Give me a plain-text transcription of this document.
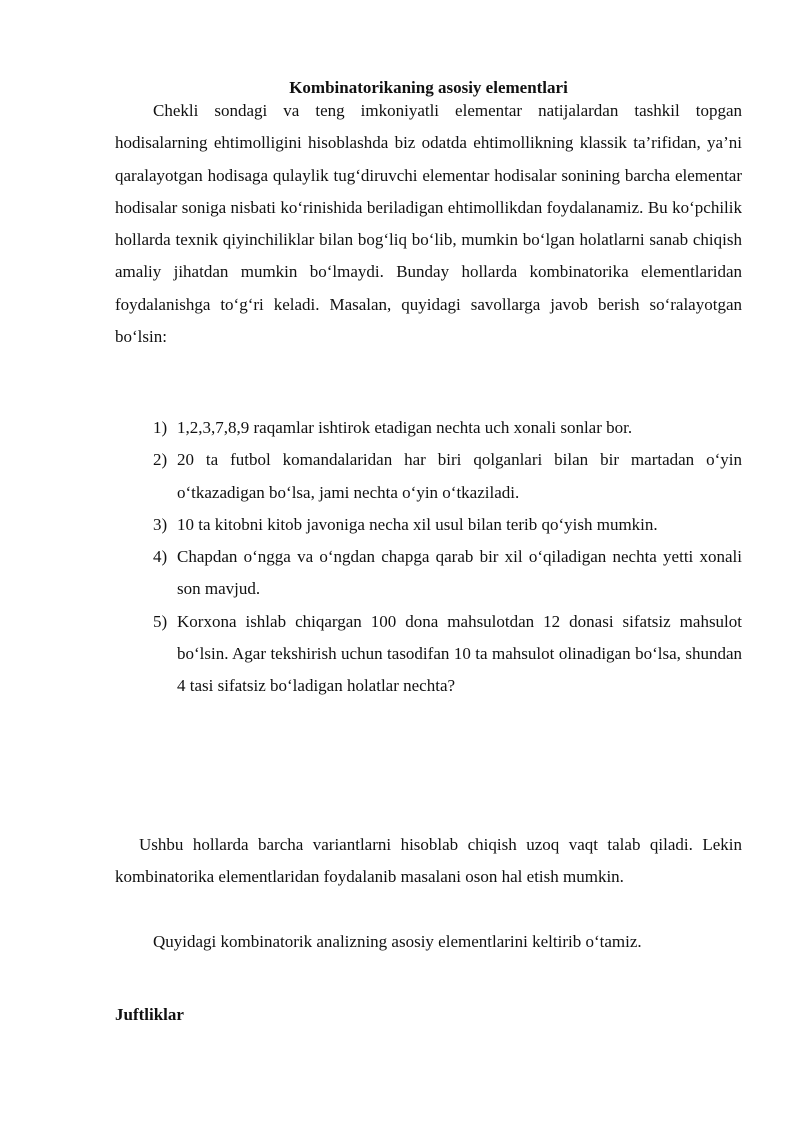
Kombinatorikaning asosiy elementlari

Chekli sondagi va teng imkoniyatli elementar natijalardan tashkil topgan hodisalarning ehtimolligini hisoblashda biz odatda ehtimollikning klassik ta’rifidan, ya’ni qaralayotgan hodisaga qulaylik tug‘diruvchi elementar hodisalar sonining barcha elementar hodisalar soniga nisbati ko‘rinishida beriladigan ehtimollikdan foydalanamiz. Bu ko‘pchilik hollarda texnik qiyinchiliklar bilan bog‘liq bo‘lib, mumkin bo‘lgan holatlarni sanab chiqish amaliy jihatdan mumkin bo‘lmaydi. Bunday hollarda kombinatorika elementlaridan foydalanishga to‘g‘ri keladi. Masalan, quyidagi savollarga javob berish so‘ralayotgan bo‘lsin:

1) 1,2,3,7,8,9 raqamlar ishtirok etadigan nechta uch xonali sonlar bor.
2) 20 ta futbol komandalaridan har biri qolganlari bilan bir martadan o‘yin o‘tkazadigan bo‘lsa, jami nechta o‘yin o‘tkaziladi.
3) 10 ta kitobni kitob javoniga necha xil usul bilan terib qo‘yish mumkin.
4) Chapdan o‘ngga va o‘ngdan chapga qarab bir xil o‘qiladigan nechta yetti xonali son mavjud.
5) Korxona ishlab chiqargan 100 dona mahsulotdan 12 donasi sifatsiz mahsulot bo‘lsin. Agar tekshirish uchun tasodifan 10 ta mahsulot olinadigan bo‘lsa, shundan 4 tasi sifatsiz bo‘ladigan holatlar nechta?

Ushbu hollarda barcha variantlarni hisoblab chiqish uzoq vaqt talab qiladi. Lekin kombinatorika elementlaridan foydalanib masalani oson hal etish mumkin.

Quyidagi kombinatorik analizning asosiy elementlarini keltirib o‘tamiz.

Juftliklar
